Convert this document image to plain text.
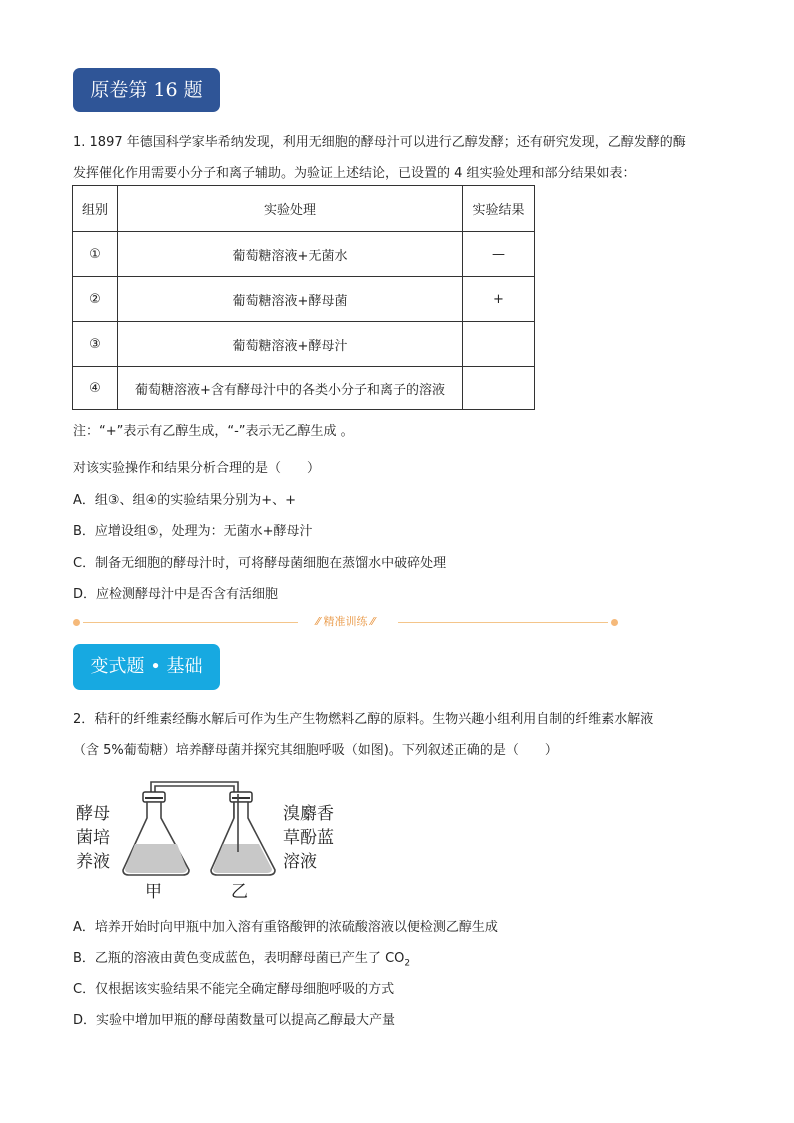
原卷第 16 题
1. 1897 年德国科学家毕希纳发现，利用无细胞的酵母汁可以进行乙醇发酵；还有研究发现，乙醇发酵的酶
发挥催化作用需要小分子和离子辅助。为验证上述结论，已设置的 4 组实验处理和部分结果如表：
组别	实验处理	实验结果
①	葡萄糖溶液+无菌水	—
②	葡萄糖溶液+酵母菌	+
③	葡萄糖溶液+酵母汁	
④	葡萄糖溶液+含有酵母汁中的各类小分子和离子的溶液	
注：“+”表示有乙醇生成，“-”表示无乙醇生成 。
对该实验操作和结果分析合理的是（　　）
A．组③、组④的实验结果分别为+、+
B．应增设组⑤，处理为：无菌水+酵母汁
C．制备无细胞的酵母汁时，可将酵母菌细胞在蒸馏水中破碎处理
D．应检测酵母汁中是否含有活细胞
⁄⁄ 精准训练 ⁄⁄
变式题 • 基础
2．秸秆的纤维素经酶水解后可作为生产生物燃料乙醇的原料。生物兴趣小组利用自制的纤维素水解液
（含 5%葡萄糖）培养酵母菌并探究其细胞呼吸（如图)。下列叙述正确的是（　　）
酵母
菌培
养液
溴麝香
草酚蓝
溶液
甲	乙
A．培养开始时向甲瓶中加入溶有重铬酸钾的浓硫酸溶液以便检测乙醇生成
B．乙瓶的溶液由黄色变成蓝色，表明酵母菌已产生了 $CO_2$
C．仅根据该实验结果不能完全确定酵母细胞呼吸的方式
D．实验中增加甲瓶的酵母菌数量可以提高乙醇最大产量
